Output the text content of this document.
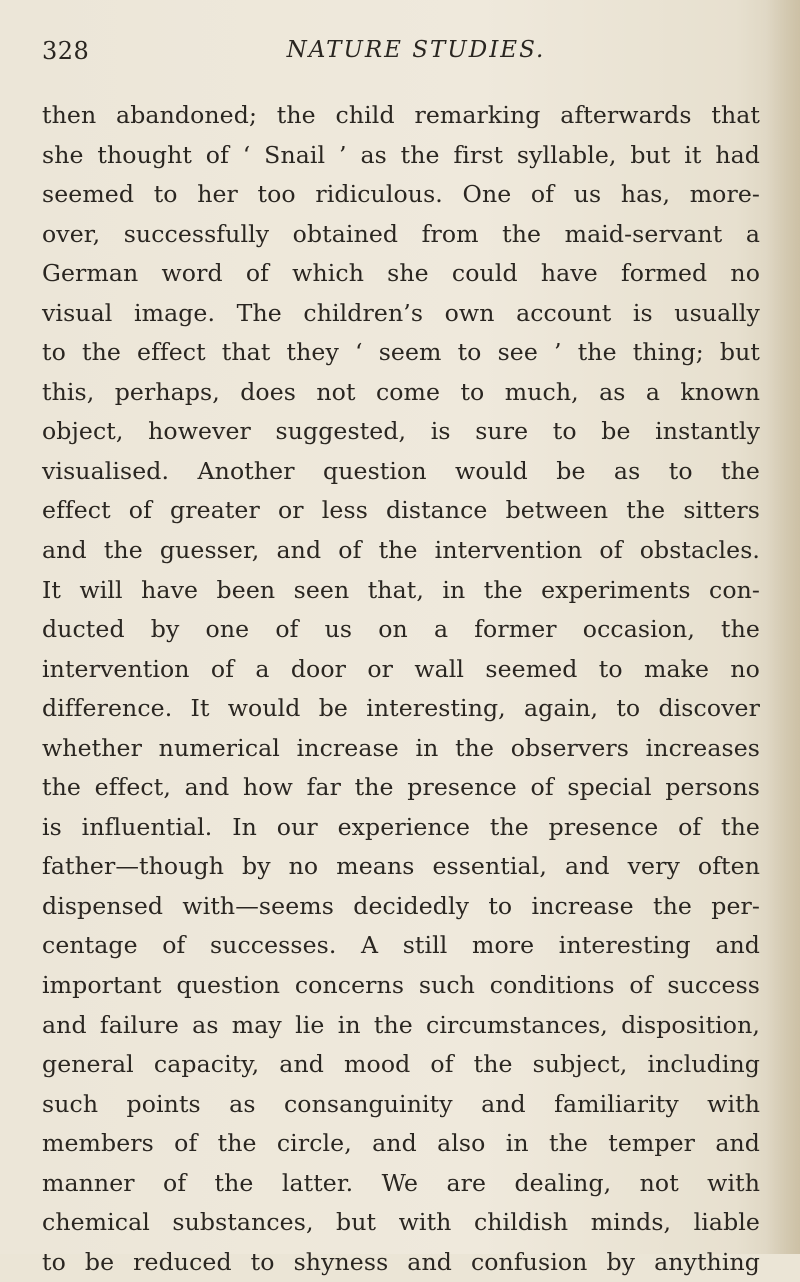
328	NATURE STUDIES.
then abandoned; the child remarking afterwards that
she thought of ‘ Snail ’ as the first syllable, but it had
seemed to her too ridiculous. One of us has, more-
over, successfully obtained from the maid-servant a
German word of which she could have formed no
visual image. The children’s own account is usually
to the effect that they ‘ seem to see ’ the thing; but
this, perhaps, does not come to much, as a known
object, however suggested, is sure to be instantly
visualised. Another question would be as to the
effect of greater or less distance between the sitters
and the guesser, and of the intervention of obstacles.
It will have been seen that, in the experiments con-
ducted by one of us on a former occasion, the
intervention of a door or wall seemed to make no
difference. It would be interesting, again, to discover
whether numerical increase in the observers increases
the effect, and how far the presence of special persons
is influential. In our experience the presence of the
father—though by no means essential, and very often
dispensed with—seems decidedly to increase the per-
centage of successes. A still more interesting and
important question concerns such conditions of success
and failure as may lie in the circumstances, disposition,
general capacity, and mood of the subject, including
such points as consanguinity and familiarity with
members of the circle, and also in the temper and
manner of the latter. We are dealing, not with
chemical substances, but with childish minds, liable
to be reduced to shyness and confusion by anything
